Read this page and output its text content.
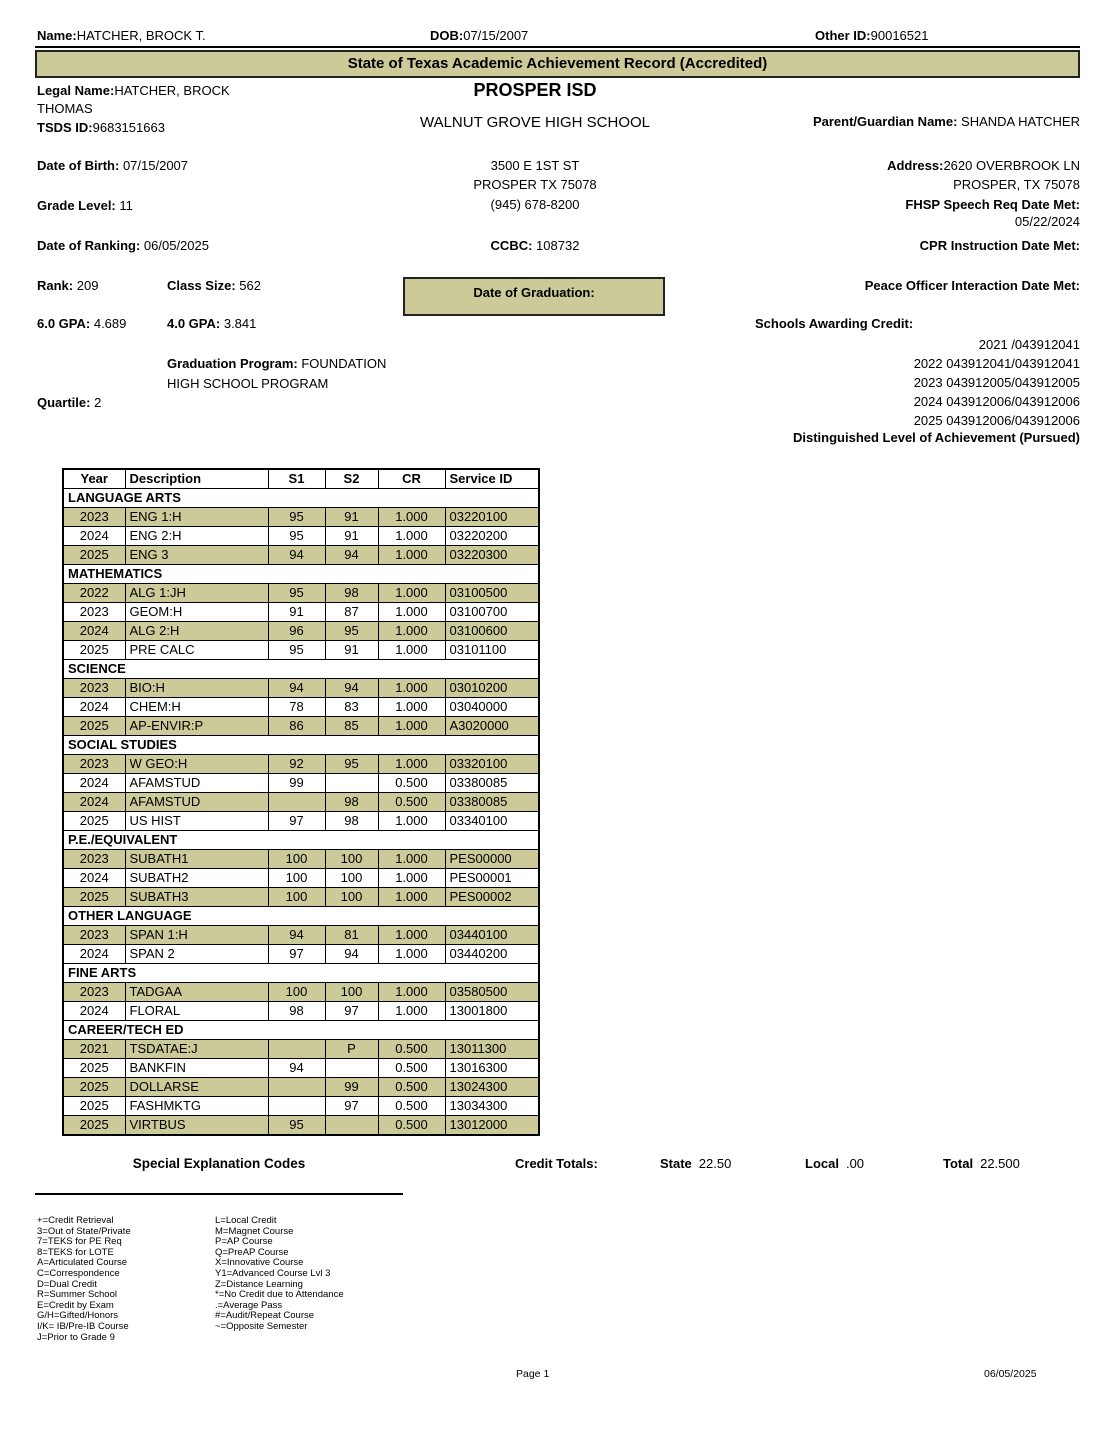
Name:HATCHER, BROCK T.	DOB:07/15/2007	Other ID:90016521
State of Texas Academic Achievement Record (Accredited)
Legal Name:HATCHER, BROCK THOMAS
TSDS ID:9683151663
Date of Birth: 07/15/2007
Grade Level: 11
Date of Ranking: 06/05/2025
PROSPER ISD
WALNUT GROVE HIGH SCHOOL
3500 E 1ST ST
PROSPER TX 75078
(945) 678-8200
CCBC: 108732
Parent/Guardian Name: SHANDA HATCHER
Address:2620 OVERBROOK LN
PROSPER, TX 75078
FHSP Speech Req Date Met:
05/22/2024
CPR Instruction Date Met:
Rank: 209	Class Size: 562	Date of Graduation:	Peace Officer Interaction Date Met:
6.0 GPA: 4.689	4.0 GPA: 3.841	Schools Awarding Credit:
2021 /043912041
2022 043912041/043912041
2023 043912005/043912005
2024 043912006/043912006
2025 043912006/043912006
Graduation Program: FOUNDATION HIGH SCHOOL PROGRAM
Quartile: 2
Distinguished Level of Achievement (Pursued)
Year	Description	S1	S2	CR	Service ID
LANGUAGE ARTS					
2023	ENG 1:H	95	91	1.000	03220100
2024	ENG 2:H	95	91	1.000	03220200
2025	ENG 3	94	94	1.000	03220300
MATHEMATICS					
2022	ALG 1:JH	95	98	1.000	03100500
2023	GEOM:H	91	87	1.000	03100700
2024	ALG 2:H	96	95	1.000	03100600
2025	PRE CALC	95	91	1.000	03101100
SCIENCE					
2023	BIO:H	94	94	1.000	03010200
2024	CHEM:H	78	83	1.000	03040000
2025	AP-ENVIR:P	86	85	1.000	A3020000
SOCIAL STUDIES					
2023	W GEO:H	92	95	1.000	03320100
2024	AFAMSTUD	99		0.500	03380085
2024	AFAMSTUD		98	0.500	03380085
2025	US HIST	97	98	1.000	03340100
P.E./EQUIVALENT					
2023	SUBATH1	100	100	1.000	PES00000
2024	SUBATH2	100	100	1.000	PES00001
2025	SUBATH3	100	100	1.000	PES00002
OTHER LANGUAGE					
2023	SPAN 1:H	94	81	1.000	03440100
2024	SPAN 2	97	94	1.000	03440200
FINE ARTS					
2023	TADGAA	100	100	1.000	03580500
2024	FLORAL	98	97	1.000	13001800
CAREER/TECH ED					
2021	TSDATAE:J		P	0.500	13011300
2025	BANKFIN	94		0.500	13016300
2025	DOLLARSE		99	0.500	13024300
2025	FASHMKTG		97	0.500	13034300
2025	VIRTBUS	95		0.500	13012000
Special Explanation Codes
+=Credit Retrieval
3=Out of State/Private
7=TEKS for PE Req
8=TEKS for LOTE
A=Articulated Course
C=Correspondence
D=Dual Credit
R=Summer School
E=Credit by Exam
G/H=Gifted/Honors
I/K= IB/Pre-IB Course
J=Prior to Grade 9
L=Local Credit
M=Magnet Course
P=AP Course
Q=PreAP Course
X=Innovative Course
Y1=Advanced Course Lvl 3
Z=Distance Learning
*=No Credit due to Attendance
.=Average Pass
#=Audit/Repeat Course
~=Opposite Semester
Credit Totals:	State 22.50	Local .00	Total 22.500
Page 1	06/05/2025
